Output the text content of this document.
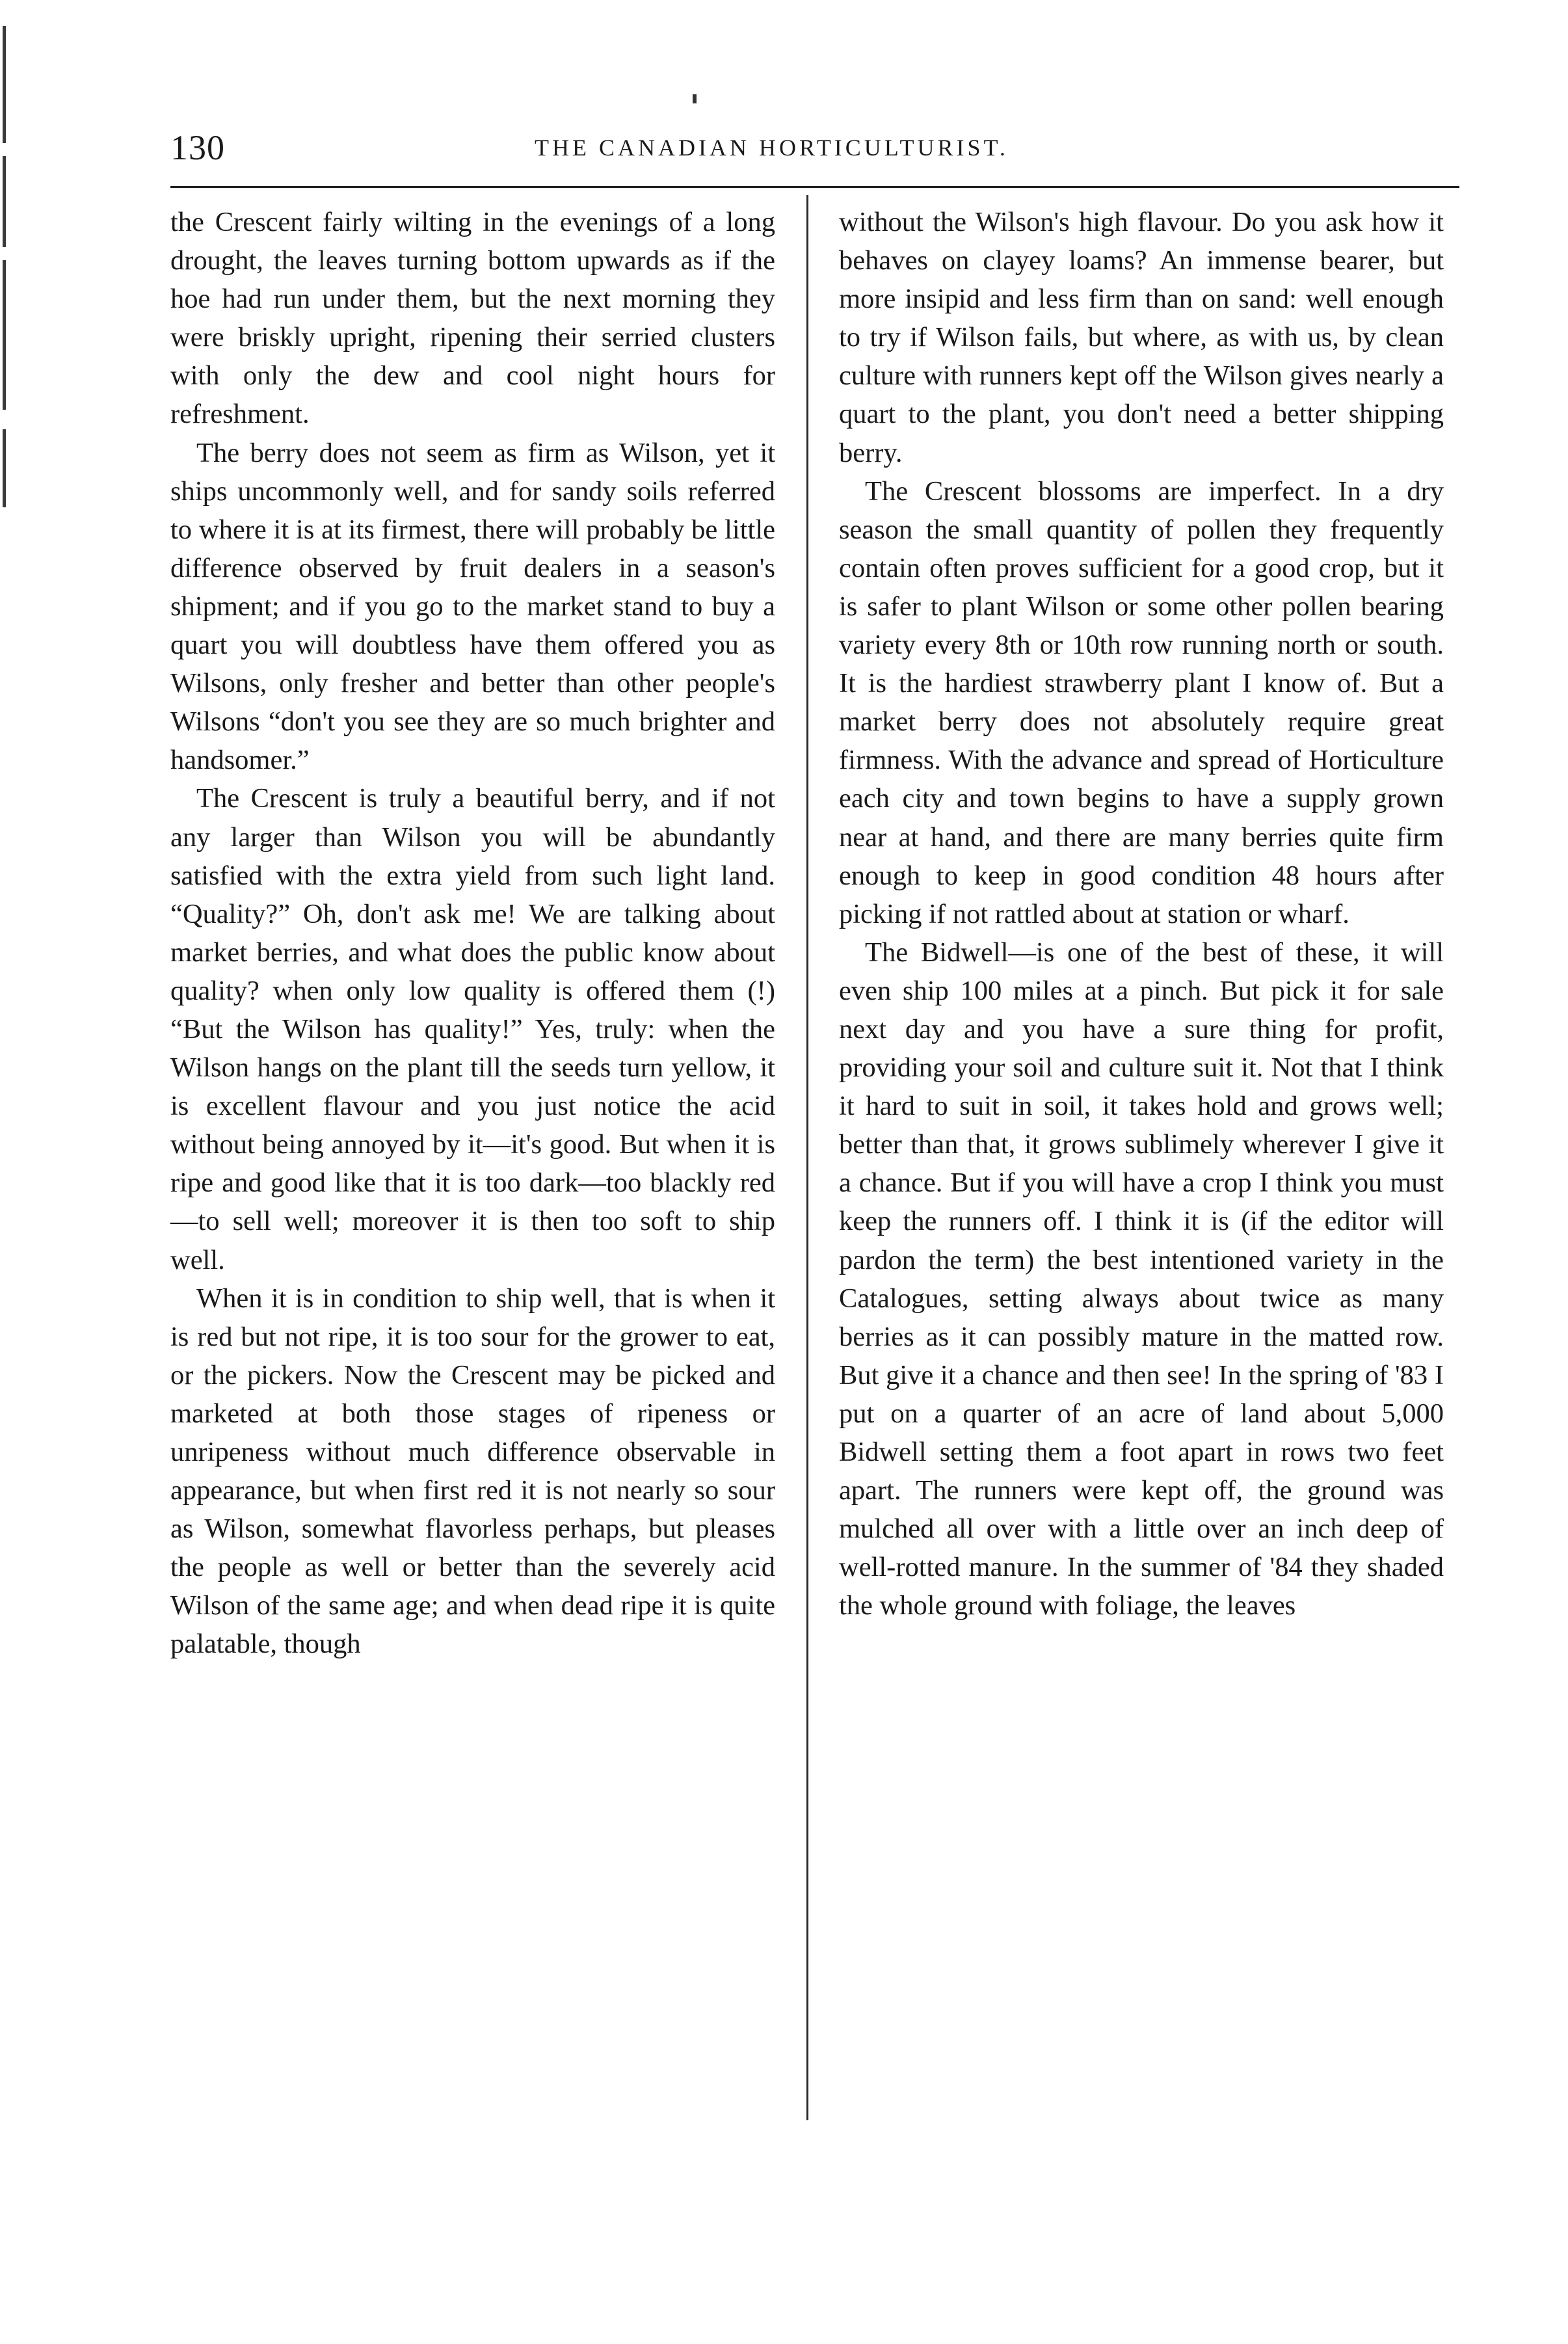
130	THE CANADIAN HORTICULTURIST.

the Crescent fairly wilting in the evenings of a long drought, the leaves turning bottom upwards as if the hoe had run under them, but the next morning they were briskly upright, ripening their serried clusters with only the dew and cool night hours for refreshment.

The berry does not seem as firm as Wilson, yet it ships uncommonly well, and for sandy soils referred to where it is at its firmest, there will probably be little difference observed by fruit dealers in a season's shipment; and if you go to the market stand to buy a quart you will doubtless have them offered you as Wilsons, only fresher and better than other people's Wilsons “don't you see they are so much brighter and handsomer.”

The Crescent is truly a beautiful berry, and if not any larger than Wilson you will be abundantly satisfied with the extra yield from such light land. “Quality?” Oh, don't ask me! We are talking about market berries, and what does the public know about quality? when only low quality is offered them (!) “But the Wilson has quality!” Yes, truly: when the Wilson hangs on the plant till the seeds turn yellow, it is excellent flavour and you just notice the acid without being annoyed by it—it's good. But when it is ripe and good like that it is too dark—too blackly red—to sell well; moreover it is then too soft to ship well.

When it is in condition to ship well, that is when it is red but not ripe, it is too sour for the grower to eat, or the pickers. Now the Crescent may be picked and marketed at both those stages of ripeness or unripeness without much difference observable in appearance, but when first red it is not nearly so sour as Wilson, somewhat flavorless perhaps, but pleases the people as well or better than the severely acid Wilson of the same age; and when dead ripe it is quite palatable, though

without the Wilson's high flavour. Do you ask how it behaves on clayey loams? An immense bearer, but more insipid and less firm than on sand: well enough to try if Wilson fails, but where, as with us, by clean culture with runners kept off the Wilson gives nearly a quart to the plant, you don't need a better shipping berry.

The Crescent blossoms are imperfect. In a dry season the small quantity of pollen they frequently contain often proves sufficient for a good crop, but it is safer to plant Wilson or some other pollen bearing variety every 8th or 10th row running north or south. It is the hardiest strawberry plant I know of. But a market berry does not absolutely require great firmness. With the advance and spread of Horticulture each city and town begins to have a supply grown near at hand, and there are many berries quite firm enough to keep in good condition 48 hours after picking if not rattled about at station or wharf.

The Bidwell—is one of the best of these, it will even ship 100 miles at a pinch. But pick it for sale next day and you have a sure thing for profit, providing your soil and culture suit it. Not that I think it hard to suit in soil, it takes hold and grows well; better than that, it grows sublimely wherever I give it a chance. But if you will have a crop I think you must keep the runners off. I think it is (if the editor will pardon the term) the best intentioned variety in the Catalogues, setting always about twice as many berries as it can possibly mature in the matted row. But give it a chance and then see! In the spring of '83 I put on a quarter of an acre of land about 5,000 Bidwell setting them a foot apart in rows two feet apart. The runners were kept off, the ground was mulched all over with a little over an inch deep of well-rotted manure. In the summer of '84 they shaded the whole ground with foliage, the leaves
